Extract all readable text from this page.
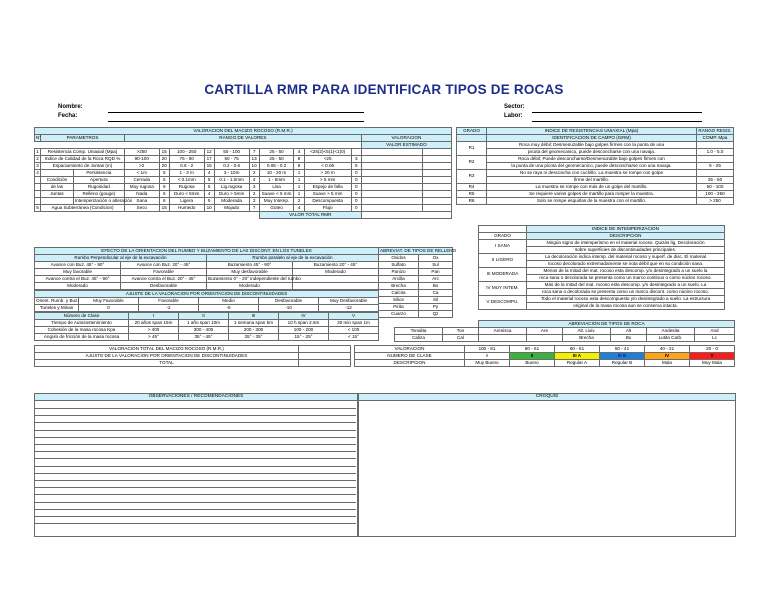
CARTILLA RMR PARA IDENTIFICAR TIPOS DE ROCAS
Nombre:
Fecha:
Sector:
Labor:
VALORACION DEL MACIZO ROCOSO (R.M.R.)														
N°	PARAMETROS		RANGO DE VALORES										VALORACION	
													VALOR ESTIMADO	
1	Resistencia Comp. Uniaxial (Mpa)		>250	15	100 - 250	12	50 - 100	7	25 - 50	4	<25(2)<5(1)<1(0)			
2	Indice de Calidad de la Roca RQD %		90-100	20	75 - 90	17	50 - 75	13	25 - 50	8	<25	3		
3	Espaciamiento de Juntas (m)		>2	20	0.6 - 2	15	0.2 - 0.6	10	0.06 - 0.2	8	< 0.06	5		
4		Persistencia	< 1m	6	1 - 3 m	4	3 - 10m	2	10 - 20 m	1	> 20 m	0		
	Condición	Apertura	Cerrada	6	< 0.1mm	5	0.1 - 1.0mm	4	1 - 5mm	1	> 5 mm	0		
	de las	Rugosidad	Muy rugosa	6	Rugosa	5	Lig.rugosa	3	Lisa	1	Espejo de falla	0		
	Juntas	Relleno (gouge)	Nada	6	Duro < 5mm	4	Duro > 5mm	2	Suave < 5 mm	1	Suave > 5 mm	0		
		Intemperización o alteración	Sana	6	Ligera	5	Moderada	3	Muy Intemp.	2	Descompuesta	0		
5	Agua Subterránea (Condicion)		Seco	15	Humedo	10	Mojado	7	Goteo	4	Flujo	0		
									VALOR TOTAL RMR					
EFECTO DE LA ORIENTACION DEL RUMBO Y BUZAMIENTO DE LAS DISCONT. EN LOS TUNELES			
Rumbo Perpendicular al eje de la excavación		Rumbo paralelo al eje de la excavación	
Avance con Buz. 45° - 90°	Avance con Buz. 20° - 45°	Buzamiento 45° - 90°	Buzamiento 20° - 45°
Muy favorable	Favorable	Muy desfavorable	Moderado
Avance contra el Buz. 45° - 90°	Avance contra el Buz. 20° - 45°	Buzamiento 0° - 20° independiente del rumbo	
Moderado	Desfavorable	Moderado	
AJUSTE DE LA VALORACION POR ORIENTACION DE DISCONTINUIDADES					
Orient. Rumb. y Buz.	Muy Favorable	Favorable	Medio	Desfavorable	Muy Desfavorable
Tuneles y Minas	0	-2	-5	-10	-12
Número de Clase	I	II	III	IV	V
Tiempo de Autosostenimiento	20 años span 15m	1 año span 10m	1 semana span 5m	10 h span 2.5m	30 min span 1m
Cohesión de la masa rocosa Kpa	> 400	300 - 400	200 - 300	100 - 200	< 100
Angulo de fricción de la masa rocosa	> 45°	35° - 45°	25° - 35°	15° - 25°	< 15°
ABREVIAT. DE TIPOS DE RELLENO	
Oxidos	Ox
Sulfato	Sul
Panizo	Pan
Arcilla	Arc
Brecha	Bx
Calcita	Ca
Silice	Sil
Pirita	Py
Cuarzo	Qz
GRADO	INDICE DE RESISTENCIAS UNIAXIAL (Mpa)	RANGO RESIS.
	IDENTIFICACION DE CAMPO (ISRM)	COMP. Mpa
R1	Roca muy débil; Desmenuzable bajo golpes firmes con la punta de una	
	picota del geomecanico, puede desconcharse con una navaja.	1.0 - 5.0
R2	Roca débil; Puede desconcharse/Desmenuzable bajo golpes firmes con	
	la punta de una picota del geomecanico, puede desconcharse con una navaja.	5 - 25
R3	No se raya ni desconcha con cuchillo. La muestra se rompe con golpe	
	firme del martillo.	25 - 50
R4	La muestra se rompe con más de un golpe del martillo.	50 - 100
R5	Se requiere varios golpes de martillo para romper la muestra.	100 - 250
R6	Solo se rompe esquirlas de la muestra con el martillo.	> 250
	INDICE DE INTEMPERIZACION
GRADO	DESCRIPCION
I SANA	Ningún signo de intemperismo en el material rocoso. Quizás lig. Decoloración
	sobre superficies de discontinuidades principales.
II LIGERO	La decoloración indica intemp. del material rocoso y superf. de disc. El material
	rocoso decolorado extremadamente se nota débil que en su condición sana.
III MODERADA	Menos de la mitad del mat. rocoso esta descomp. y/o desintegrado a un suelo la
	roca sana o decolorada se presenta como un marco continuo o como núcleo rocoso.
IV MUY INTEM.	Más de la mitad del mat. rocoso esta descomp. y/o desintegrado a un suelo. La
	roca sana o decolorada se presenta como un marco discont. como núcleo rocoso.
V DESCOMPU.	Todo el material rocoso esta descompuesto y/o desintegrado a suelo. La estructura
	original de la masa rocosa aun se conserva intacta.
		ABREVIACION DE TIPOS DE ROCA					
Tonalita	Ton	Arenisca	Are	Alt. Lixiv.	Alt	Andesita	And
Caliza	Cal			Brecha	Bx	Lutita Carb.	Lc
VALORACION	100 - 81	80 - 61	60 - 51	50 - 41	40 - 21	20 - 0
NUMERO DE CLASE	I	II	III A	III B	IV	V
DESCRIPCION	Muy Bueno	Bueno	Regular A	Regular B	Mala	Muy Mala
VALORACION TOTAL DEL MACIZO ROCOSO (R.M.R.)	
AJUSTE DE LA VALORACION POR ORIENTACION DE DISCONTINUIDADES	
TOTAL	
OBSERVACIONES / RECOMENDACIONES	CROQUIS
